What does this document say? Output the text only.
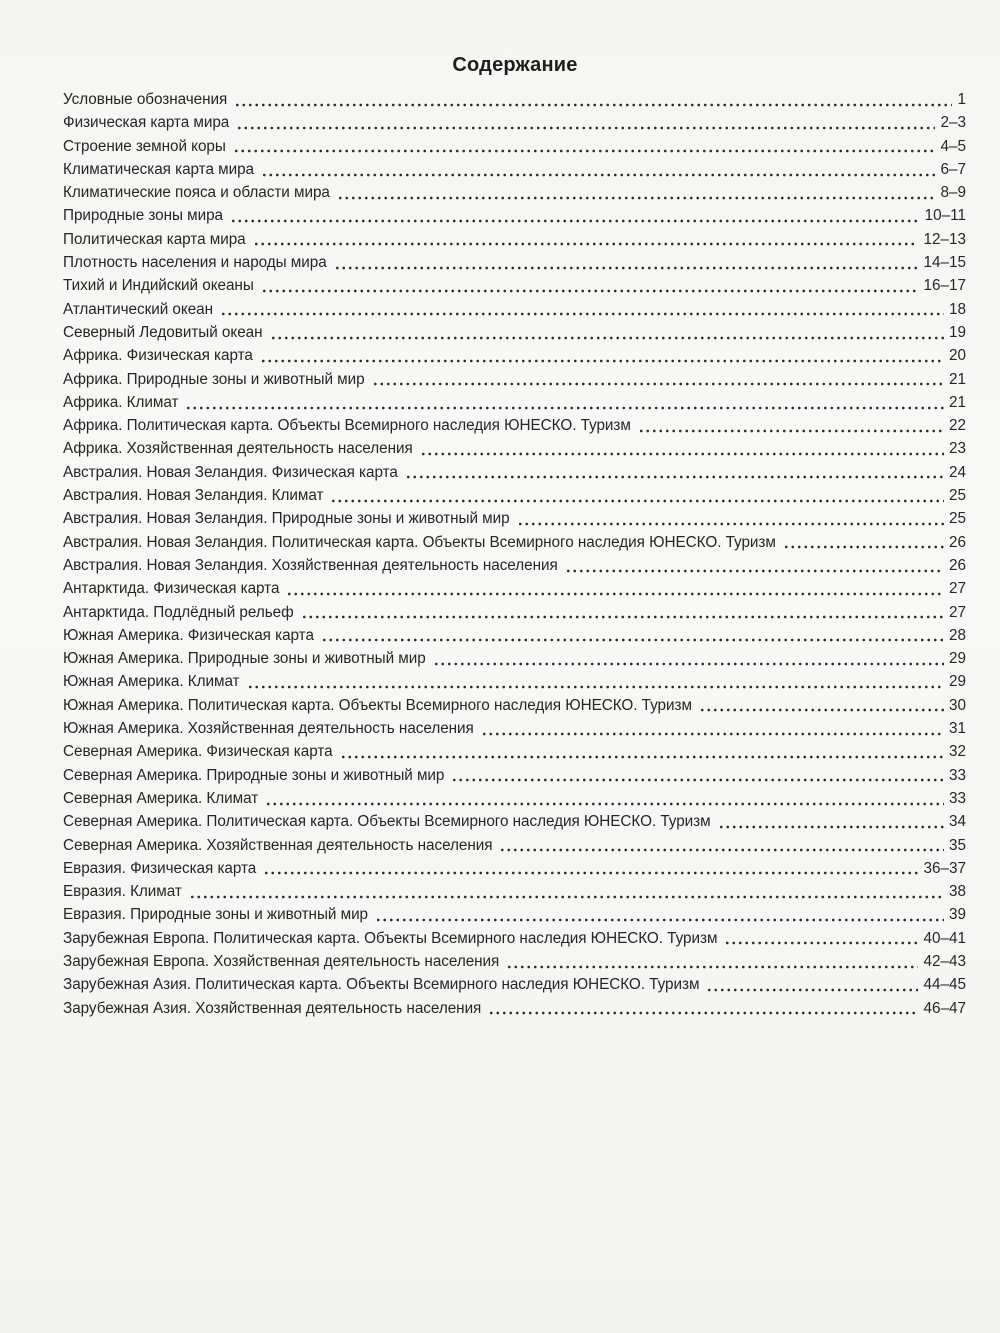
Содержание
Условные обозначения	1
Физическая карта мира	2–3
Строение земной коры	4–5
Климатическая карта мира	6–7
Климатические пояса и области мира	8–9
Природные зоны мира	10–11
Политическая карта мира	12–13
Плотность населения и народы мира	14–15
Тихий и Индийский океаны	16–17
Атлантический океан	18
Северный Ледовитый океан	19
Африка. Физическая карта	20
Африка. Природные зоны и животный мир	21
Африка. Климат	21
Африка. Политическая карта. Объекты Всемирного наследия ЮНЕСКО. Туризм	22
Африка. Хозяйственная деятельность населения	23
Австралия. Новая Зеландия. Физическая карта	24
Австралия. Новая Зеландия. Климат	25
Австралия. Новая Зеландия. Природные зоны и животный мир	25
Австралия. Новая Зеландия. Политическая карта. Объекты Всемирного наследия ЮНЕСКО. Туризм	26
Австралия. Новая Зеландия. Хозяйственная деятельность населения	26
Антарктида. Физическая карта	27
Антарктида. Подлёдный рельеф	27
Южная Америка. Физическая карта	28
Южная Америка. Природные зоны и животный мир	29
Южная Америка. Климат	29
Южная Америка. Политическая карта. Объекты Всемирного наследия ЮНЕСКО. Туризм	30
Южная Америка. Хозяйственная деятельность населения	31
Северная Америка. Физическая карта	32
Северная Америка. Природные зоны и животный мир	33
Северная Америка. Климат	33
Северная Америка. Политическая карта. Объекты Всемирного наследия ЮНЕСКО. Туризм	34
Северная Америка. Хозяйственная деятельность населения	35
Евразия. Физическая карта	36–37
Евразия. Климат	38
Евразия. Природные зоны и животный мир	39
Зарубежная Европа. Политическая карта. Объекты Всемирного наследия ЮНЕСКО. Туризм	40–41
Зарубежная Европа. Хозяйственная деятельность населения	42–43
Зарубежная Азия. Политическая карта. Объекты Всемирного наследия ЮНЕСКО. Туризм	44–45
Зарубежная Азия. Хозяйственная деятельность населения	46–47
